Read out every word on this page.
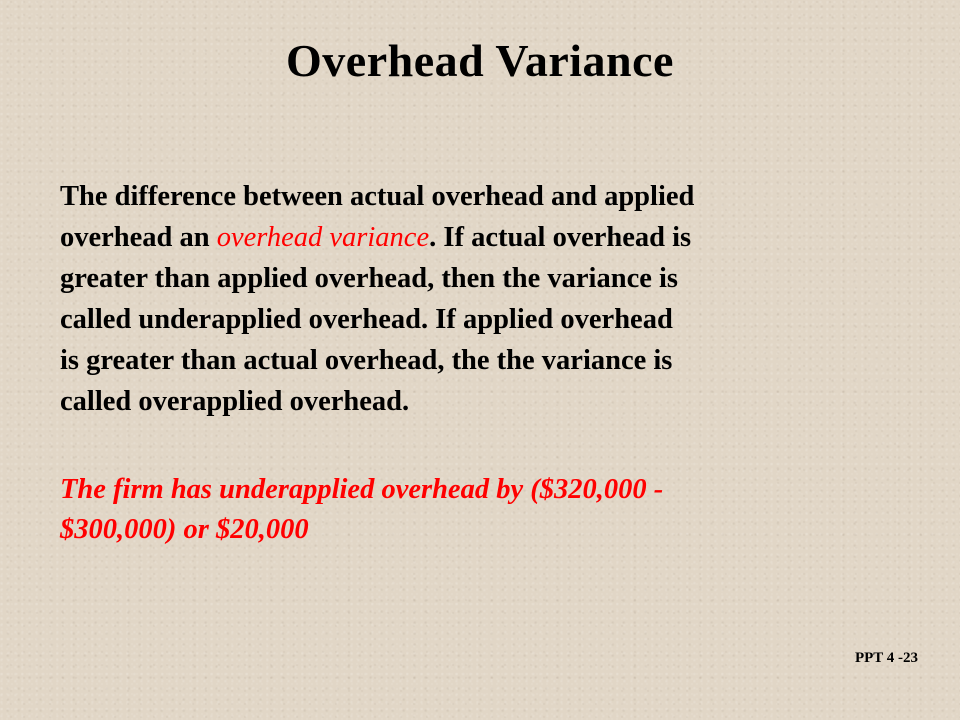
Overhead Variance
The difference between actual overhead and applied
overhead an overhead variance. If actual overhead is
greater than applied overhead, then the variance is
called underapplied overhead. If applied overhead
is greater than actual overhead, the the variance is
called overapplied overhead.
The firm has underapplied overhead by ($320,000 -
$300,000) or $20,000

PPT 4 -23
